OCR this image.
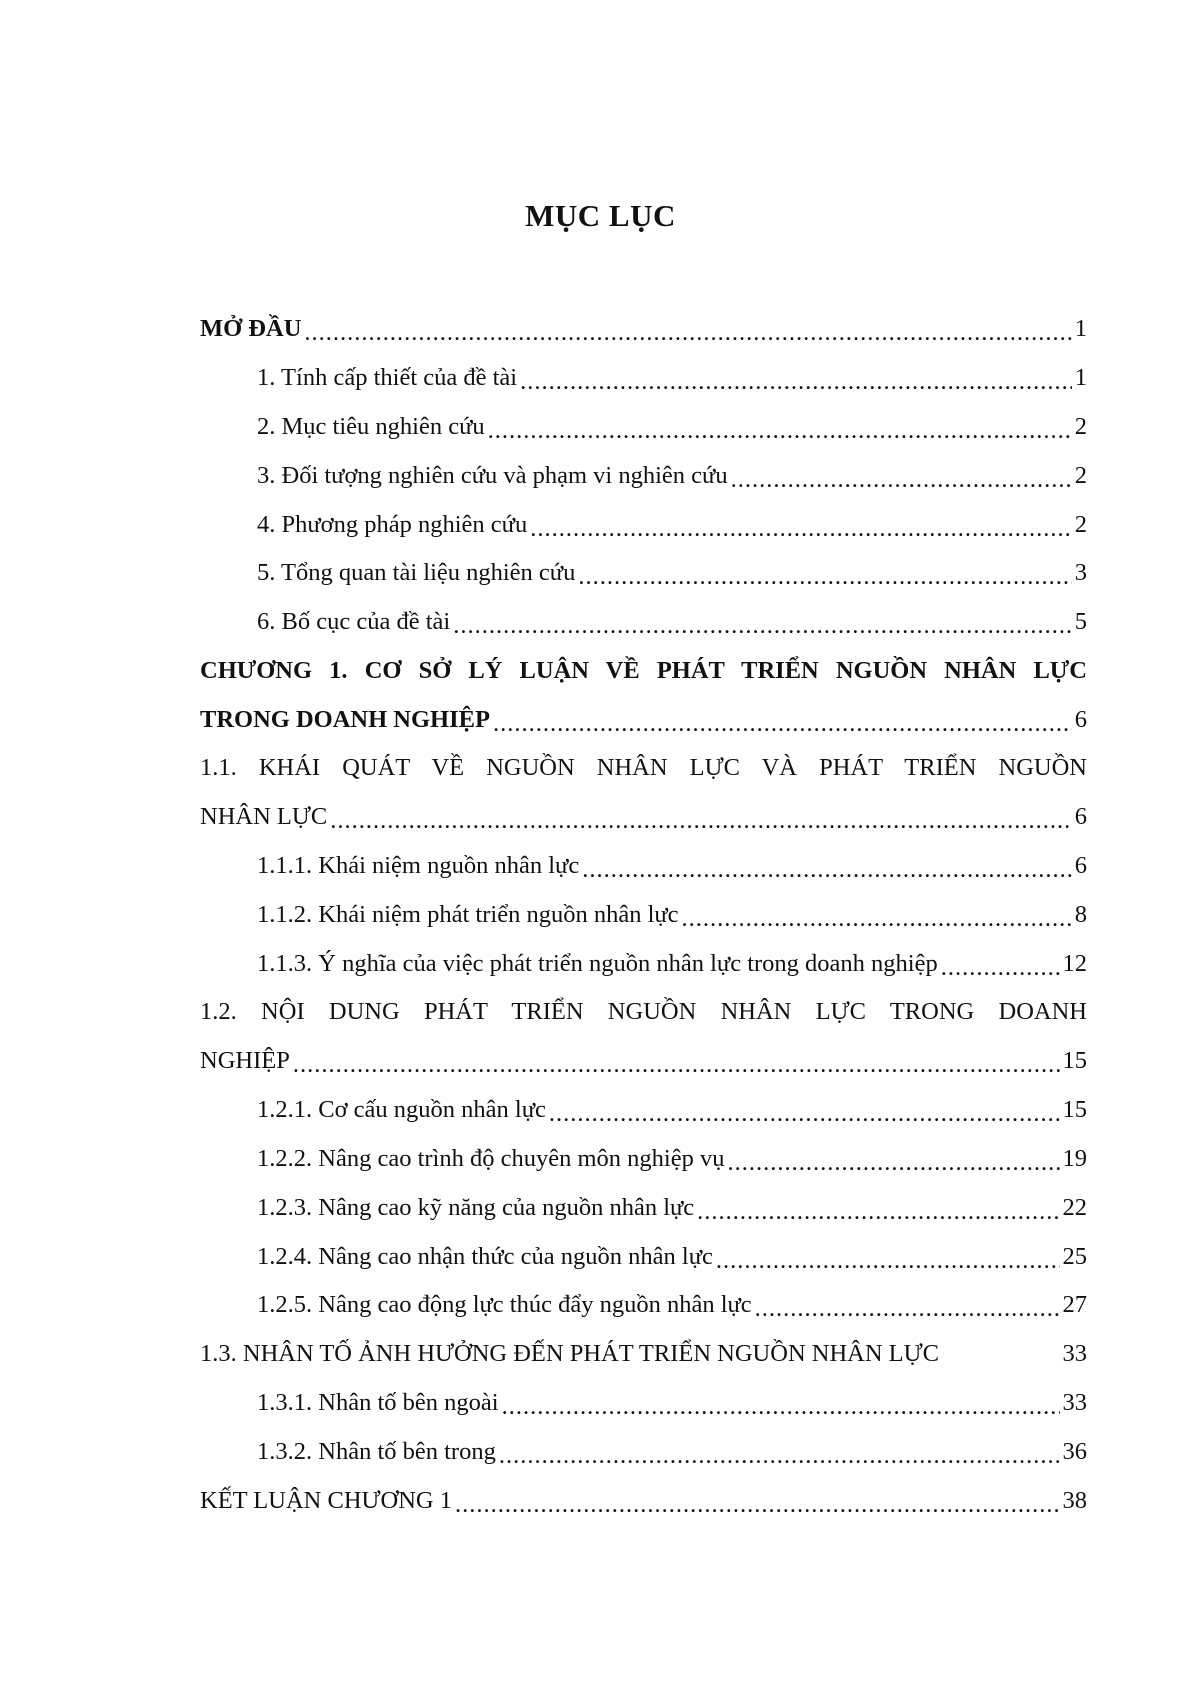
MỤC LỤC
MỞ ĐẦU .....	1
1. Tính cấp thiết của đề tài .....	1
2. Mục tiêu nghiên cứu .....	2
3. Đối tượng nghiên cứu và phạm vi nghiên cứu .....	2
4. Phương pháp nghiên cứu .....	2
5. Tổng quan tài liệu nghiên cứu .....	3
6. Bố cục của đề tài .....	5
CHƯƠNG 1. CƠ SỞ LÝ LUẬN VỀ PHÁT TRIỂN NGUỒN NHÂN LỰC
TRONG DOANH NGHIỆP .....	6
1.1. KHÁI QUÁT VỀ NGUỒN NHÂN LỰC VÀ PHÁT TRIỂN NGUỒN
NHÂN LỰC .....	6
1.1.1. Khái niệm nguồn nhân lực .....	6
1.1.2. Khái niệm phát triển nguồn nhân lực .....	8
1.1.3. Ý nghĩa của việc phát triển nguồn nhân lực trong doanh nghiệp .....	12
1.2. NỘI DUNG PHÁT TRIỂN NGUỒN NHÂN LỰC TRONG DOANH
NGHIỆP .....	15
1.2.1. Cơ cấu nguồn nhân lực .....	15
1.2.2. Nâng cao trình độ chuyên môn nghiệp vụ .....	19
1.2.3. Nâng cao kỹ năng của nguồn nhân lực .....	22
1.2.4. Nâng cao nhận thức của nguồn nhân lực .....	25
1.2.5. Nâng cao động lực thúc đẩy nguồn nhân lực .....	27
1.3. NHÂN TỐ ẢNH HƯỞNG ĐẾN PHÁT TRIỂN NGUỒN NHÂN LỰC	33
1.3.1. Nhân tố bên ngoài .....	33
1.3.2. Nhân tố bên trong .....	36
KẾT LUẬN CHƯƠNG 1 .....	38
